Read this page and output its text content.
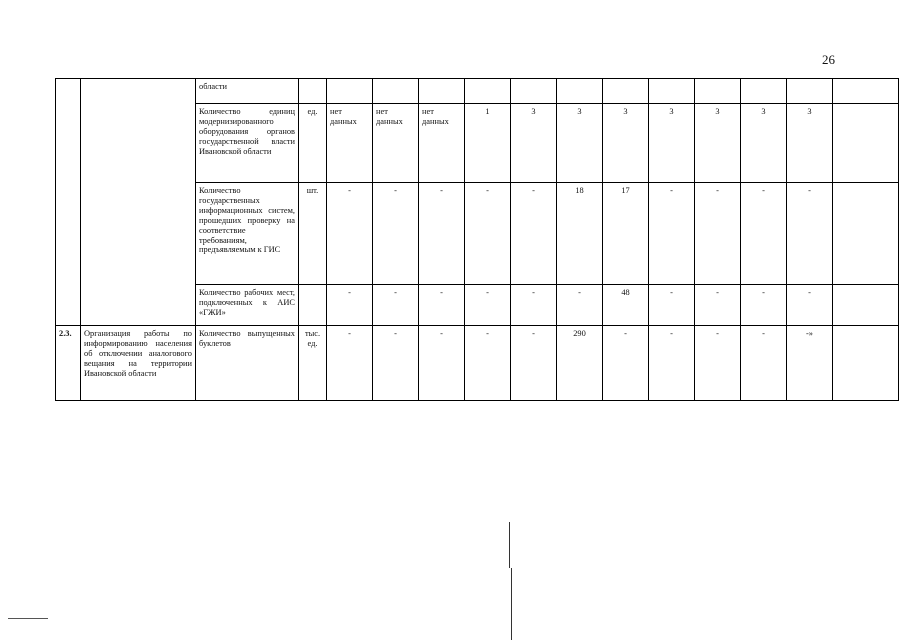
26
		области													
		Количество единиц модернизированного оборудования органов государственной власти Ивановской области	ед.	нет данных	нет данных	нет данных	1	3	3	3	3	3	3	3	
		Количество государственных информационных систем, прошедших проверку на соответствие требованиям, предъявляемым к ГИС	шт.	-	-	-	-	-	18	17	-	-	-	-	
		Количество рабочих мест, подключенных к АИС «ГЖИ»		-	-	-	-	-	-	48	-	-	-	-	
2.3.	Организация работы по информированию населения об отключении аналогового вещания на территории Ивановской области	Количество выпущенных буклетов	тыс. ед.	-	-	-	-	-	290	-	-	-	-	-»	
